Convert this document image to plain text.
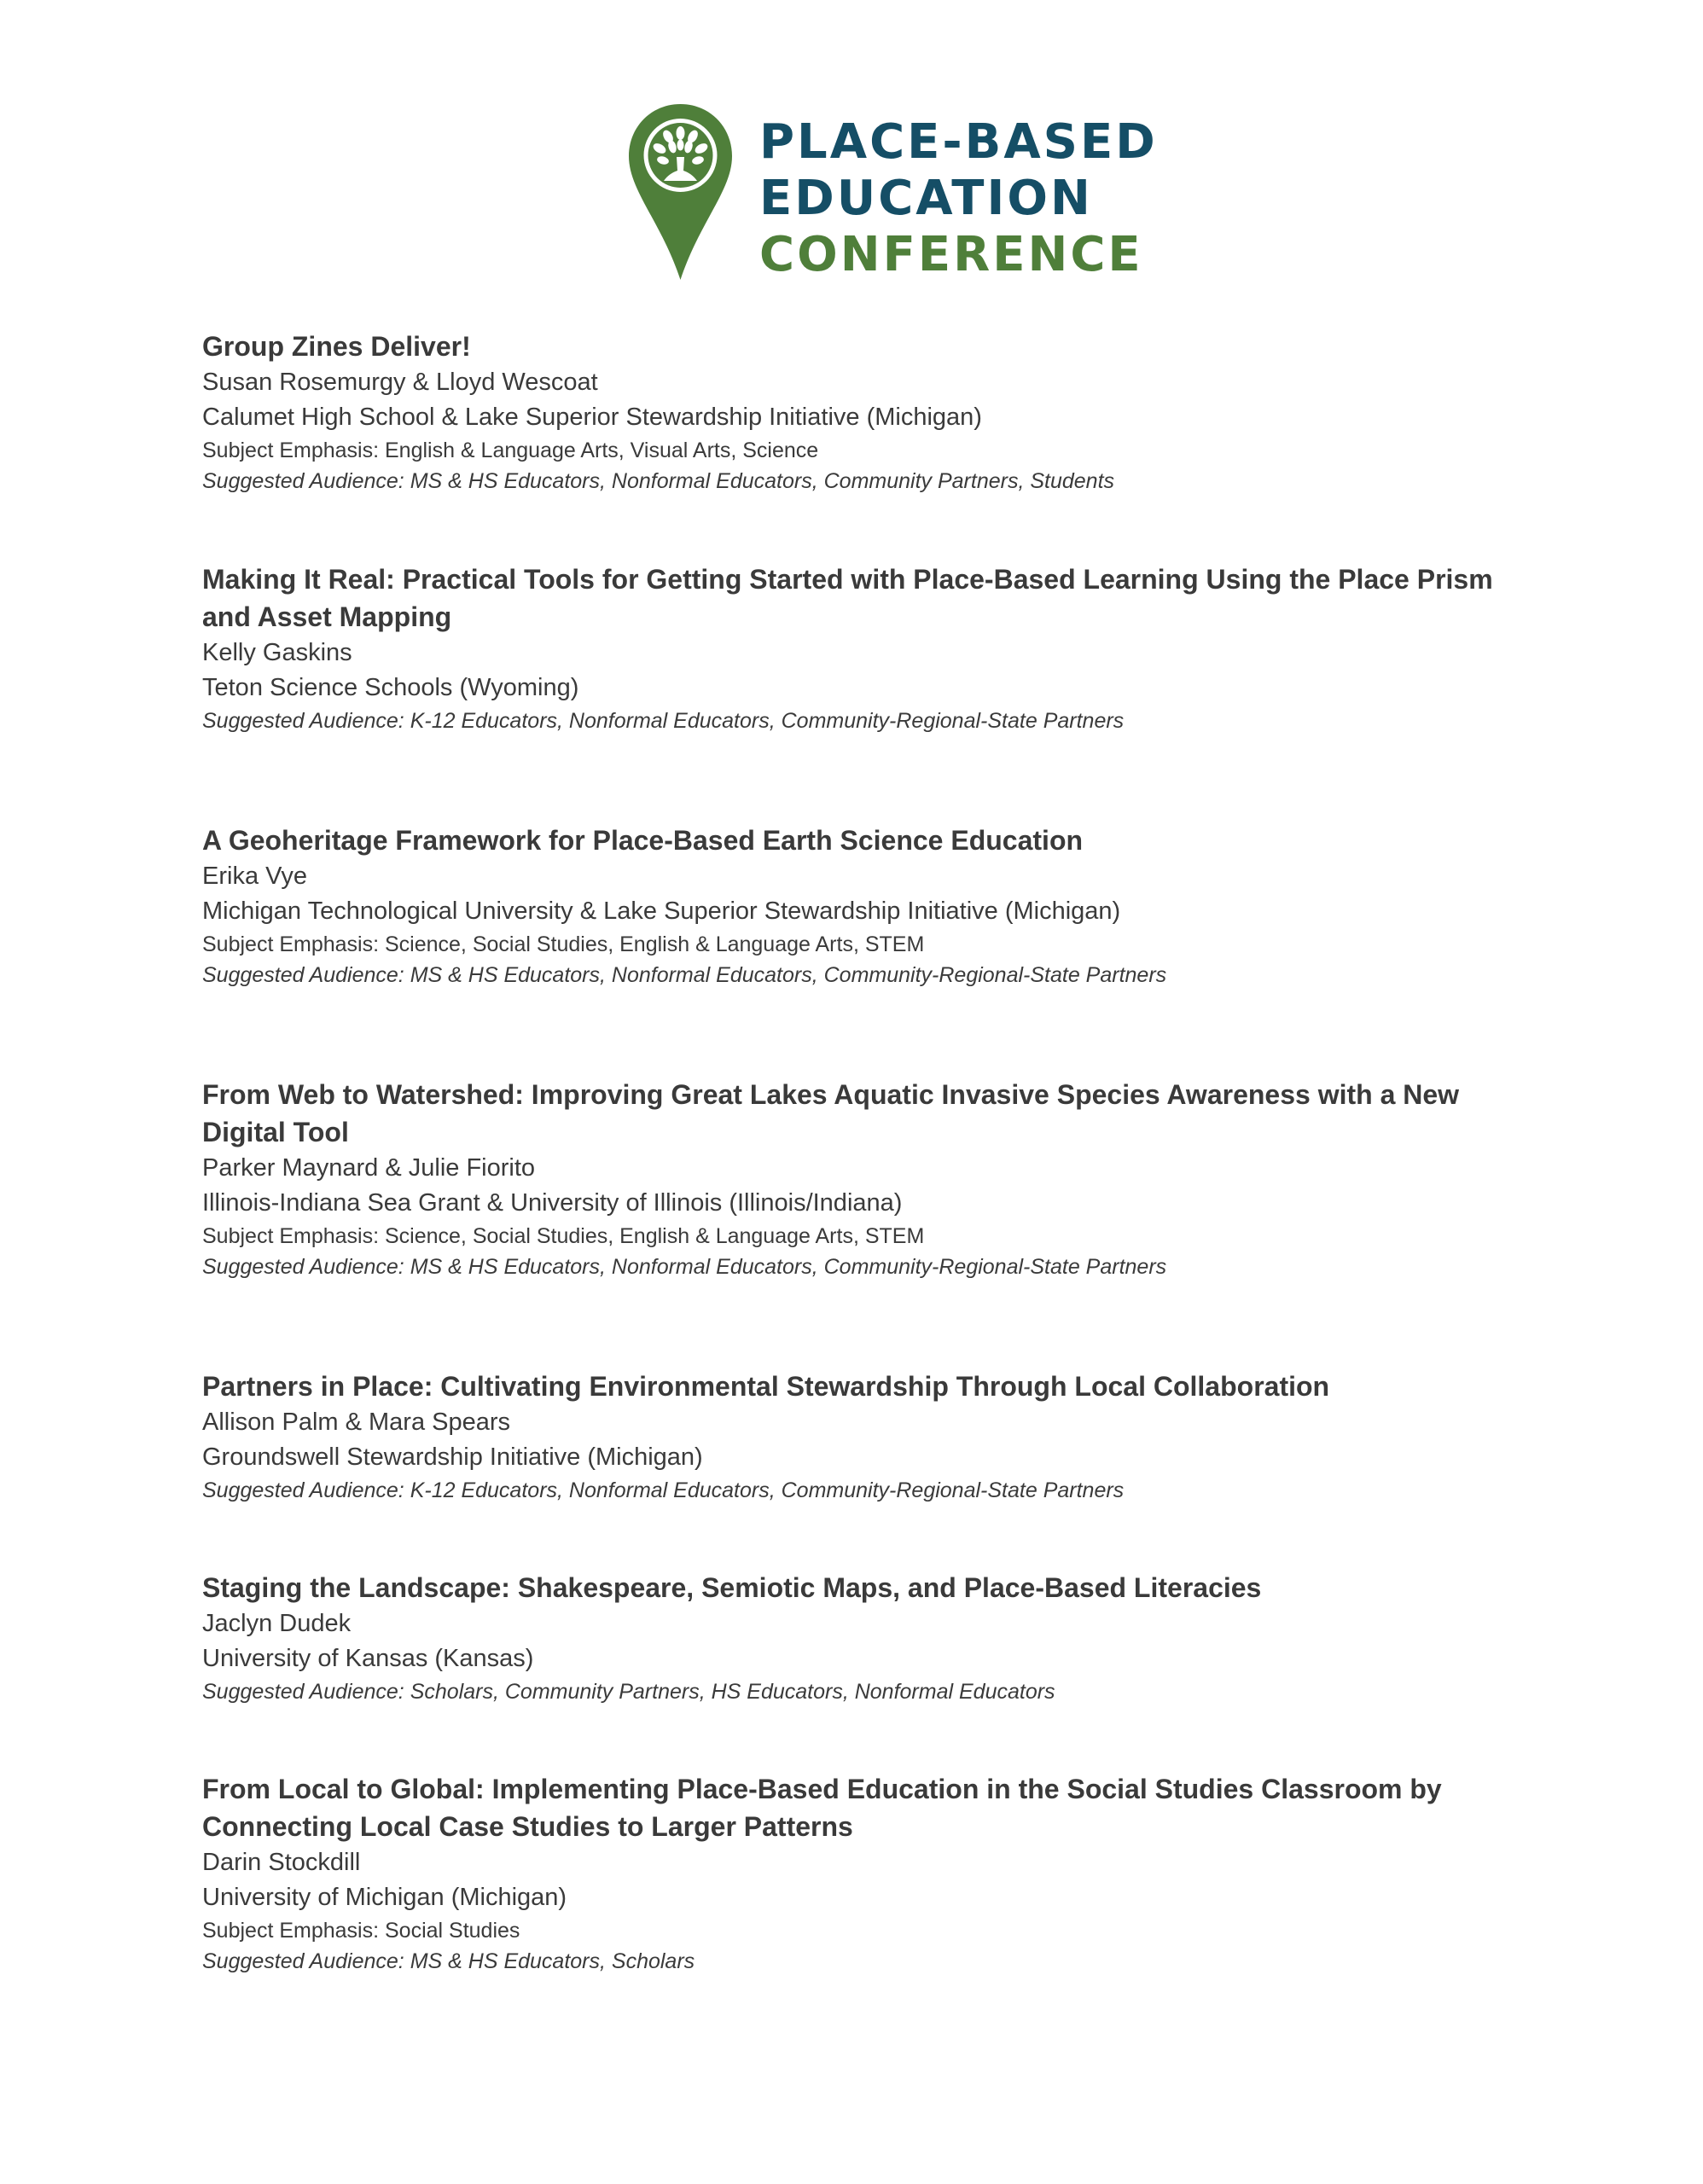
PLACE-BASED
EDUCATION
CONFERENCE
Group Zines Deliver!
Susan Rosemurgy & Lloyd Wescoat
Calumet High School & Lake Superior Stewardship Initiative (Michigan)
Subject Emphasis: English & Language Arts, Visual Arts, Science
Suggested Audience: MS & HS Educators, Nonformal Educators, Community Partners, Students
Making It Real: Practical Tools for Getting Started with Place-Based Learning Using the Place Prism and Asset Mapping
Kelly Gaskins
Teton Science Schools (Wyoming)
Suggested Audience: K-12 Educators, Nonformal Educators, Community-Regional-State Partners
A Geoheritage Framework for Place-Based Earth Science Education
Erika Vye
Michigan Technological University & Lake Superior Stewardship Initiative (Michigan)
Subject Emphasis: Science, Social Studies, English & Language Arts, STEM
Suggested Audience: MS & HS Educators, Nonformal Educators, Community-Regional-State Partners
From Web to Watershed: Improving Great Lakes Aquatic Invasive Species Awareness with a New Digital Tool
Parker Maynard & Julie Fiorito
Illinois-Indiana Sea Grant & University of Illinois (Illinois/Indiana)
Subject Emphasis: Science, Social Studies, English & Language Arts, STEM
Suggested Audience: MS & HS Educators, Nonformal Educators, Community-Regional-State Partners
Partners in Place: Cultivating Environmental Stewardship Through Local Collaboration
Allison Palm & Mara Spears
Groundswell Stewardship Initiative (Michigan)
Suggested Audience: K-12 Educators, Nonformal Educators, Community-Regional-State Partners
Staging the Landscape: Shakespeare, Semiotic Maps, and Place-Based Literacies
Jaclyn Dudek
University of Kansas (Kansas)
Suggested Audience: Scholars, Community Partners, HS Educators, Nonformal Educators
From Local to Global: Implementing Place-Based Education in the Social Studies Classroom by Connecting Local Case Studies to Larger Patterns
Darin Stockdill
University of Michigan (Michigan)
Subject Emphasis: Social Studies
Suggested Audience: MS & HS Educators, Scholars
